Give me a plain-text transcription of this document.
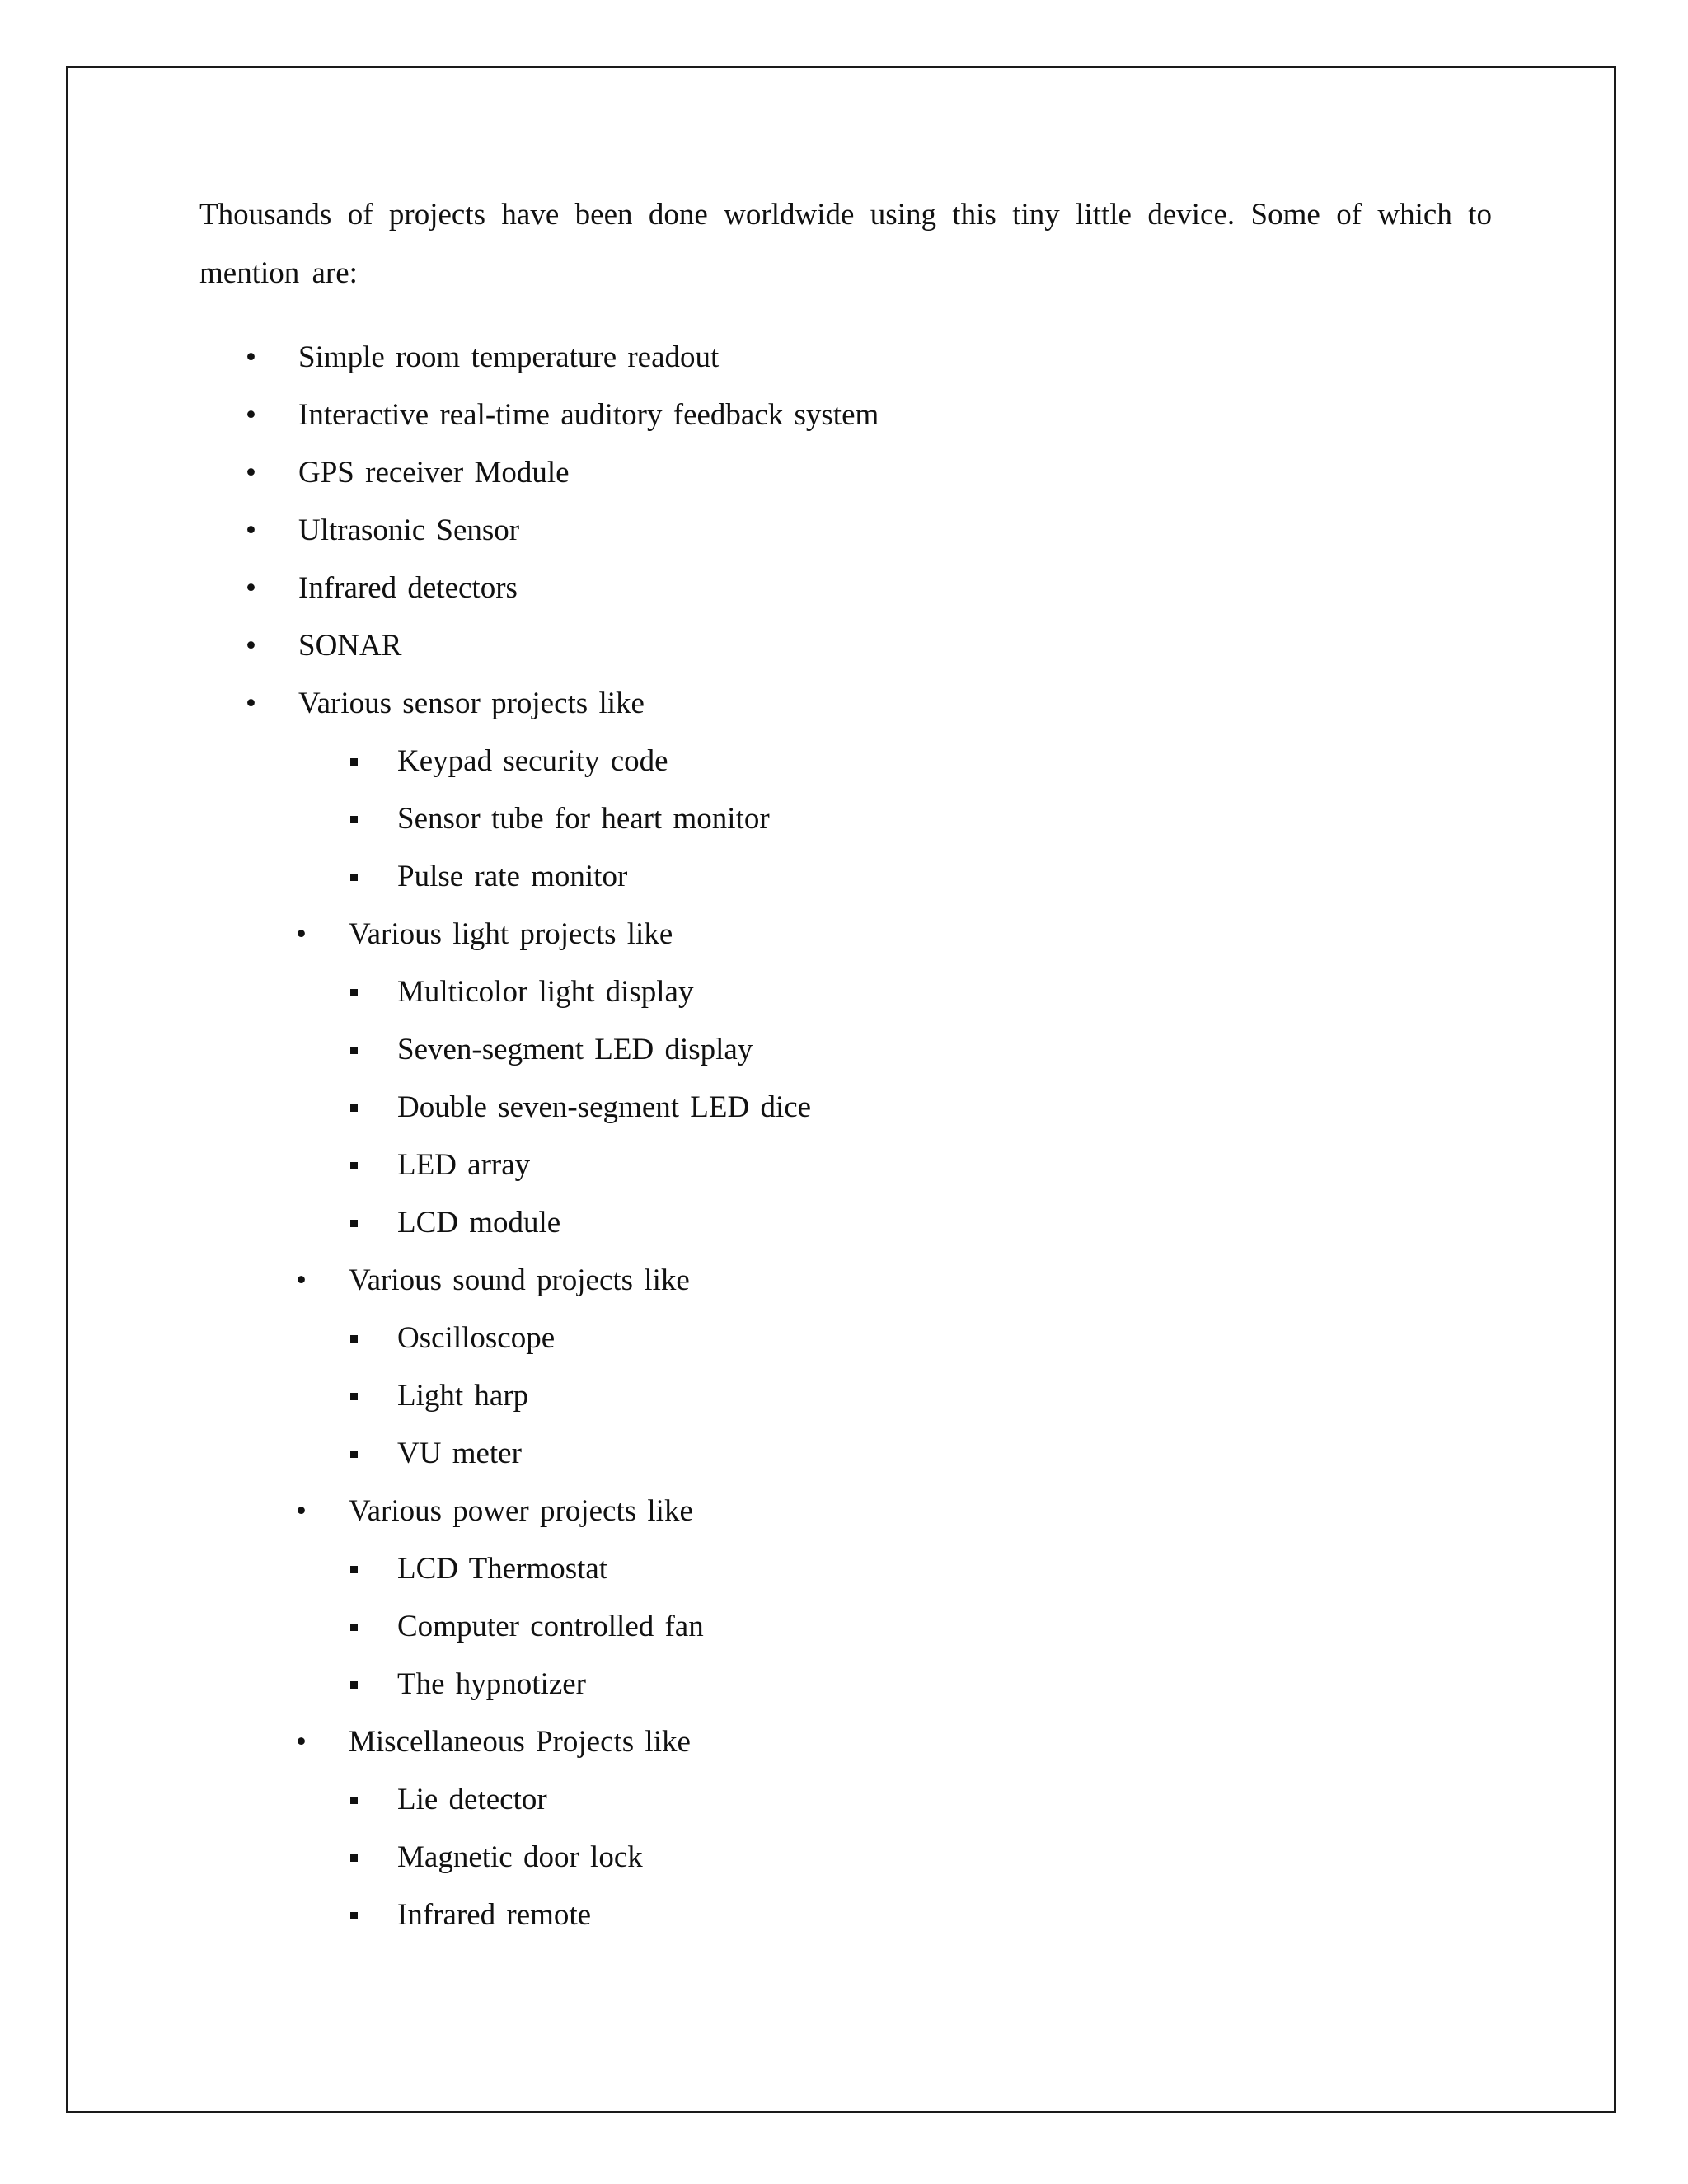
Thousands of projects have been done worldwide using this tiny little device. Some of which to mention are:

• Simple room temperature readout
• Interactive real-time auditory feedback system
• GPS receiver Module
• Ultrasonic Sensor
• Infrared detectors
• SONAR
• Various sensor projects like
Keypad security code
Sensor tube for heart monitor
Pulse rate monitor
• Various light projects like
Multicolor light display
Seven-segment LED display
Double seven-segment LED dice
LED array
LCD module
• Various sound projects like
Oscilloscope
Light harp
VU meter
• Various power projects like
LCD Thermostat
Computer controlled fan
The hypnotizer
• Miscellaneous Projects like
Lie detector
Magnetic door lock
Infrared remote
